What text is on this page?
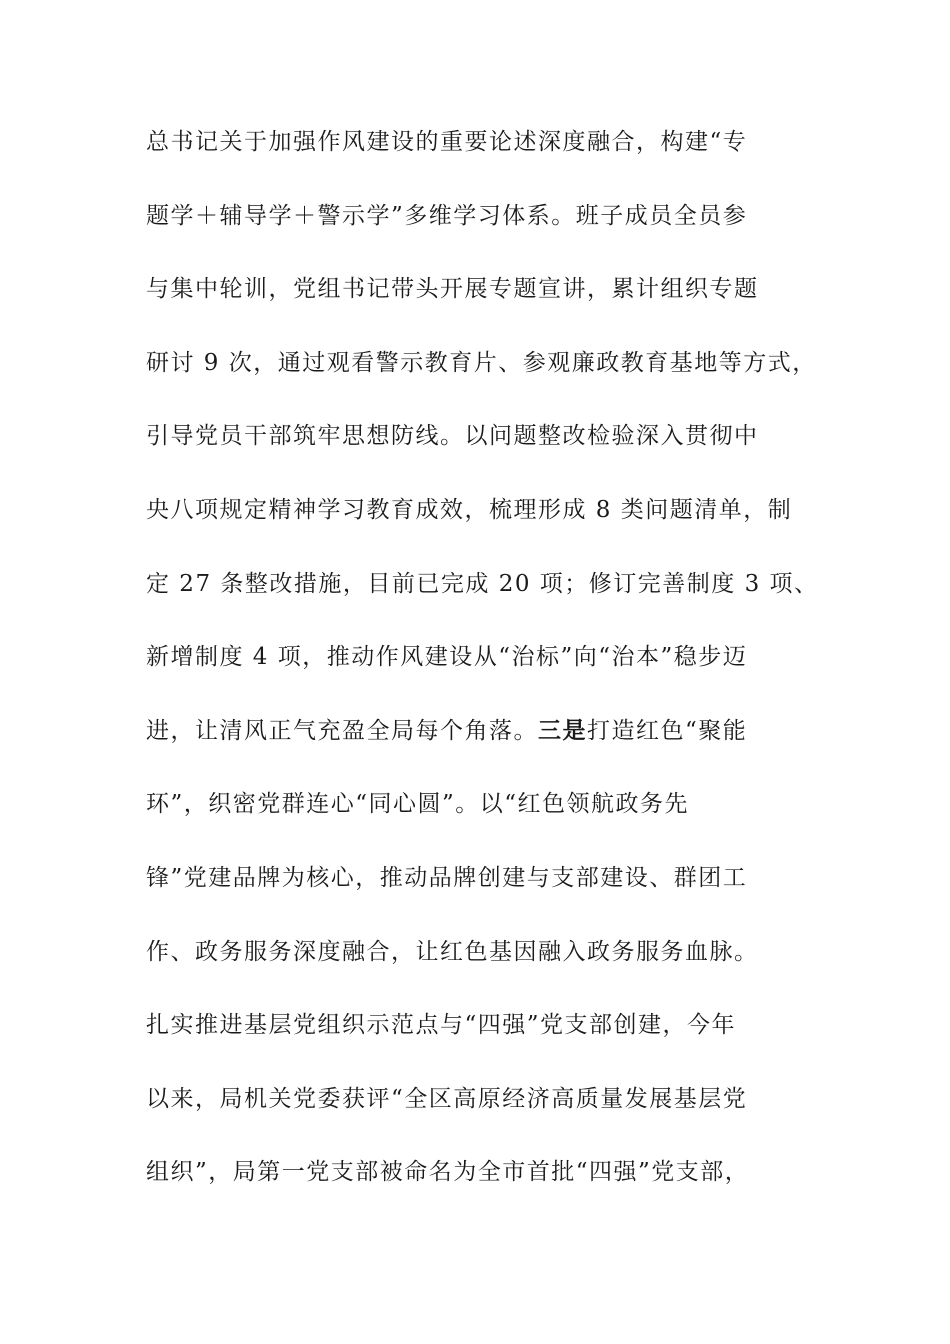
总书记关于加强作风建设的重要论述深度融合，构建“专
题学＋辅导学＋警示学”多维学习体系。班子成员全员参
与集中轮训，党组书记带头开展专题宣讲，累计组织专题
研讨 9 次，通过观看警示教育片、参观廉政教育基地等方式，
引导党员干部筑牢思想防线。以问题整改检验深入贯彻中
央八项规定精神学习教育成效，梳理形成 8 类问题清单，制
定 27 条整改措施，目前已完成 20 项；修订完善制度 3 项、
新增制度 4 项，推动作风建设从“治标”向“治本”稳步迈
进，让清风正气充盈全局每个角落。三是打造红色“聚能
环”，织密党群连心“同心圆”。以“红色领航政务先
锋”党建品牌为核心，推动品牌创建与支部建设、群团工
作、政务服务深度融合，让红色基因融入政务服务血脉。
扎实推进基层党组织示范点与“四强”党支部创建，今年
以来，局机关党委获评“全区高原经济高质量发展基层党
组织”，局第一党支部被命名为全市首批“四强”党支部，
